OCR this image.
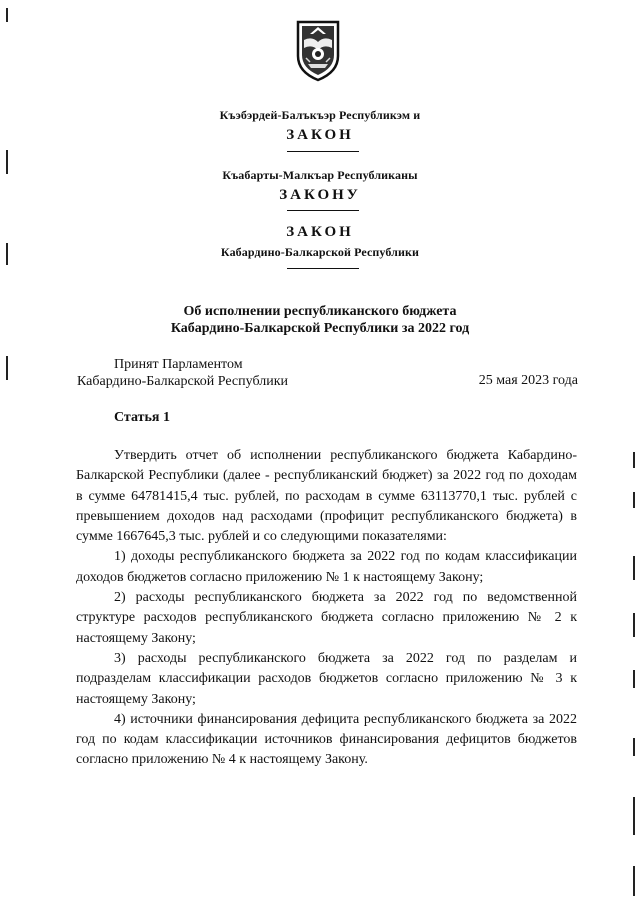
Къэбэрдей-Балъкъэр Республикэм и
ЗАКОН
Къабарты-Малкъар Республиканы
ЗАКОНУ
ЗАКОН
Кабардино-Балкарской Республики
Об исполнении республиканского бюджета
Кабардино-Балкарской Республики за 2022 год
Принят Парламентом
Кабардино-Балкарской Республики	25 мая 2023 года
Статья 1

Утвердить отчет об исполнении республиканского бюджета Кабардино-Балкарской Республики (далее - республиканский бюджет) за 2022 год по доходам в сумме 64781415,4 тыс. рублей, по расходам в сумме 63113770,1 тыс. рублей с превышением доходов над расходами (профицит республиканского бюджета) в сумме 1667645,3 тыс. рублей и со следующими показателями:

1) доходы республиканского бюджета за 2022 год по кодам классификации доходов бюджетов согласно приложению № 1 к настоящему Закону;

2) расходы республиканского бюджета за 2022 год по ведомственной структуре расходов республиканского бюджета согласно приложению № 2 к настоящему Закону;

3) расходы республиканского бюджета за 2022 год по разделам и подразделам классификации расходов бюджетов согласно приложению № 3 к настоящему Закону;

4) источники финансирования дефицита республиканского бюджета за 2022 год по кодам классификации источников финансирования дефицитов бюджетов согласно приложению № 4 к настоящему Закону.
